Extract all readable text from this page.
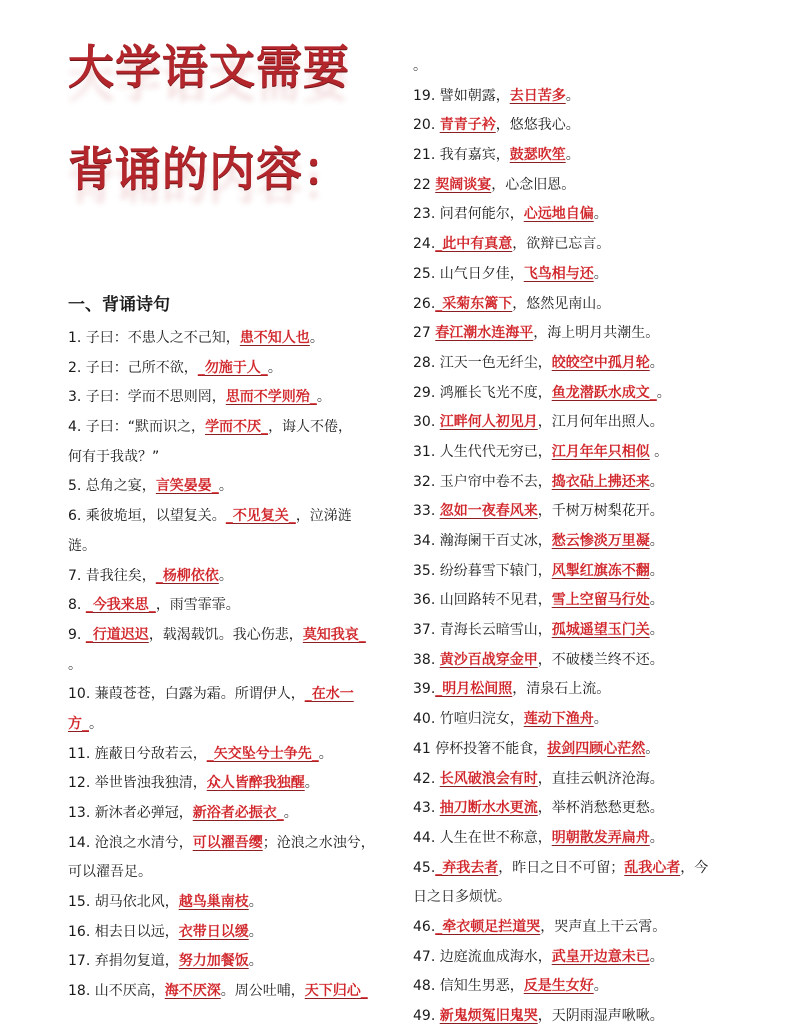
大学语文需要
背诵的内容：
一、背诵诗句
1. 子曰：不患人之不己知，患不知人也。
2. 子曰：己所不欲，_勿施于人_。
3. 子曰：学而不思则罔，思而不学则殆_。
4. 子曰：“默而识之，学而不厌_，诲人不倦，
何有于我哉？”
5. 总角之宴，言笑晏晏_。
6. 乘彼垝垣，以望复关。_不见复关_，泣涕涟
涟。
7. 昔我往矣，_杨柳依依。
8. _今我来思_，雨雪霏霏。
9. _行道迟迟，载渴载饥。我心伤悲，莫知我哀_
。
10. 蒹葭苍苍，白露为霜。所谓伊人，_在水一
方_。
11. 旌蔽日兮敌若云，_矢交坠兮士争先_。
12. 举世皆浊我独清，众人皆醉我独醒。
13. 新沐者必弹冠，新浴者必振衣_。
14. 沧浪之水清兮，可以濯吾缨；沧浪之水浊兮，
可以濯吾足。
15. 胡马依北风，越鸟巢南枝。
16. 相去日以远，衣带日以缓。
17. 弃捐勿复道，努力加餐饭。
18. 山不厌高，海不厌深。周公吐哺，天下归心_
。
19. 譬如朝露，去日苦多。
20. 青青子衿，悠悠我心。
21. 我有嘉宾，鼓瑟吹笙。
22 契阔谈宴，心念旧恩。
23. 问君何能尔，心远地自偏。
24._此中有真意，欲辩已忘言。
25. 山气日夕佳，飞鸟相与还。
26._采菊东篱下，悠然见南山。
27 春江潮水连海平，海上明月共潮生。
28. 江天一色无纤尘，皎皎空中孤月轮。
29. 鸿雁长飞光不度，鱼龙潜跃水成文_。
30. 江畔何人初见月，江月何年出照人。
31. 人生代代无穷已，江月年年只相似 。
32. 玉户帘中卷不去，捣衣砧上拂还来。
33. 忽如一夜春风来，千树万树梨花开。
34. 瀚海阑干百丈冰，愁云惨淡万里凝。
35. 纷纷暮雪下辕门，风掣红旗冻不翻。
36. 山回路转不见君，雪上空留马行处。
37. 青海长云暗雪山，孤城遥望玉门关。
38. 黄沙百战穿金甲，不破楼兰终不还。
39._明月松间照，清泉石上流。
40. 竹喧归浣女，莲动下渔舟。
41 停杯投箸不能食，拔剑四顾心茫然。
42. 长风破浪会有时，直挂云帆济沧海。
43. 抽刀断水水更流，举杯消愁愁更愁。
44. 人生在世不称意，明朝散发弄扁舟。
45._弃我去者，昨日之日不可留；乱我心者，今
日之日多烦忧。
46._牵衣顿足拦道哭，哭声直上干云霄。
47. 边庭流血成海水，武皇开边意未已。
48. 信知生男恶，反是生女好。
49. 新鬼烦冤旧鬼哭，天阴雨湿声啾啾。
